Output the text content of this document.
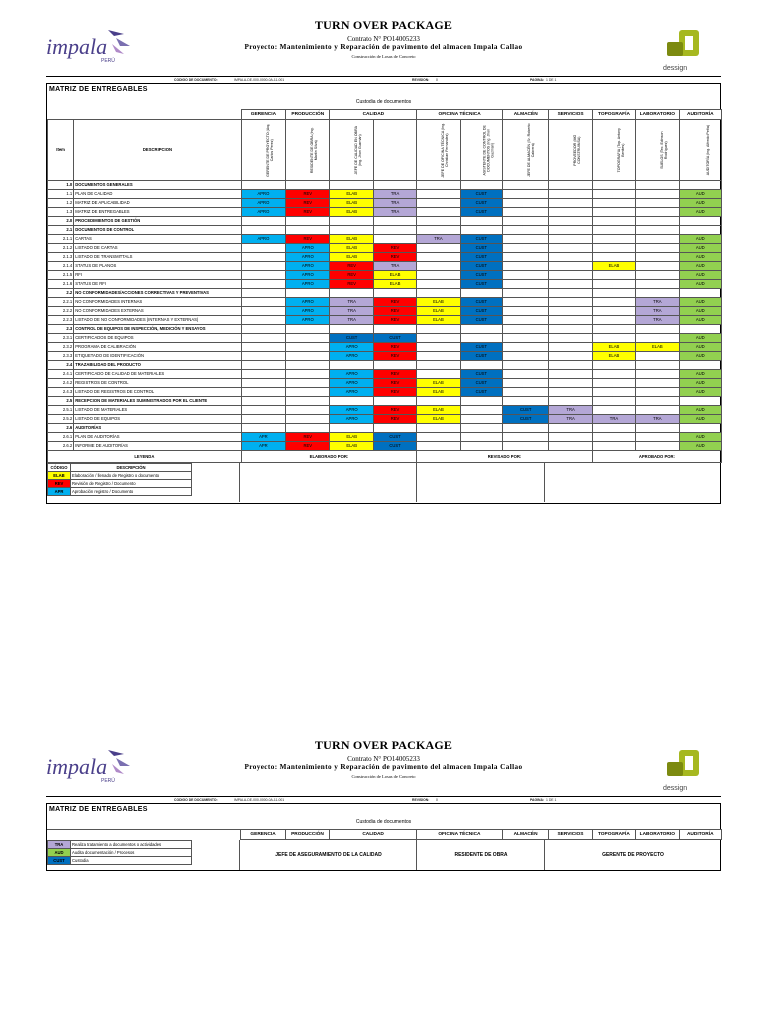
impala
PERÚ
TURN OVER PACKAGE
Contrato N° PO14005233
Proyecto: Mantenimiento y Reparación de pavimento del almacen Impala Callao
Construcción de Losas de Concreto
dessign
CODIGO DE DOCUMENTO:	IMPALA-DE-000-0000-0A-11-001	REVISION: 0	PAGINA: 1 DE 1
MATRIZ DE ENTREGABLES
Custodia de documentos
		GERENCIA	PRODUCCIÓN	CALIDAD		OFICINA TÉCNICA		ALMACÉN	SERVICIOS	TOPOGRAFÍA	LABORATORIO	AUDITORÍA
Item	DESCRIPCION	GERENTE DE PROYECTO (Arq. Carlos Perez)	RESIDENTE DE OBRA (Ing. Martin Silva)	JEFE DE CALIDAD EN OBRA (Ing. Jhon Guzmán)		JEFE DE OFICINA TÉCNICA (Ing. Christian Fernandez)	ASISTENTE DE CONTROL DE DOCUMENTOS (Ing. Jhon Guzmán)	JEFE DE ALMACÉN (Sr. Roberto Cabrera)	PROVEEDOR (MG CONSTRUINSA)	TOPOGRAFIA (Top. Antony Benites)	SUELOS (Tec. Edinson Rodríguez)	AUDITORÍA (Ing. Alfredo Peña)

1.0	DOCUMENTOS GENERALES											
1.1	PLAN DE CALIDAD	APRO	REV	ELAB	TRA		CUST					AUD
1.2	MATRIZ DE APLICABILIDAD	APRO	REV	ELAB	TRA		CUST					AUD
1.3	MATRIZ DE ENTREGABLES	APRO	REV	ELAB	TRA		CUST					AUD
2.0	PROCEDIMIENTOS DE GESTIÓN											
2.1	DOCUMENTOS DE CONTROL											
2.1.1	CARTAS	APRO	REV	ELAB		TRA	CUST					AUD
2.1.2	LISTADO DE CARTAS		APRO	ELAB	REV		CUST					AUD
2.1.3	LISTADO DE TRANSMITTALS		APRO	ELAB	REV		CUST					AUD
2.1.4	STATUS DE PLANOS		APRO	REV	TRA		CUST			ELAB		AUD
2.1.5	RFI		APRO	REV	ELAB		CUST					AUD
2.1.6	STATUS DE RFI		APRO	REV	ELAB		CUST					AUD
2.2	NO CONFORMIDADES/ACCIONES CORRECTIVAS Y PREVENTIVAS											
2.2.1	NO CONFORMIDADES INTERNAS		APRO	TRA	REV	ELAB	CUST				TRA	AUD
2.2.2	NO CONFORMIDADES EXTERNAS		APRO	TRA	REV	ELAB	CUST				TRA	AUD
2.2.3	LISTADO DE NO CONFORMIDADES (INTERNAS Y EXTERNAS)		APRO	TRA	REV	ELAB	CUST				TRA	AUD
2.3	CONTROL DE EQUIPOS DE INSPECCIÓN, MEDICIÓN Y ENSAYOS											
2.3.1	CERTIFICADOS DE EQUIPOS			CUST	CUST							AUD
2.3.2	PROGRAMA DE CALIBRACIÓN			APRO	REV		CUST			ELAB	ELAB	AUD
2.3.3	ETIQUETADO DE IDENTIFICACIÓN			APRO	REV		CUST			ELAB		AUD
2.4	TRAZABILIDAD DEL PRODUCTO											
2.4.1	CERTIFICADO DE CALIDAD DE MATERIALES			APRO	REV		CUST					AUD
2.4.2	REGISTROS DE CONTROL			APRO	REV	ELAB	CUST					AUD
2.4.3	LISTADO DE REGISTROS DE CONTROL			APRO	REV	ELAB	CUST					AUD
2.5	RECEPCION DE MATERIALES SUMINISTRADOS POR EL CLIENTE											
2.5.1	LISTADO DE MATERIALES			APRO	REV	ELAB		CUST	TRA			AUD
2.5.2	LISTADO DE EQUIPOS			APRO	REV	ELAB		CUST	TRA	TRA	TRA	AUD
2.6	AUDITORÍAS											
2.6.1	PLAN DE AUDITORÍAS	APR	REV	ELAB	CUST							AUD
2.6.2	INFORME DE AUDITORÍAS	APR	REV	ELAB	CUST							AUD
LEYENDA		ELABORADO POR:				REVISADO POR:				APROBADO POR:		
CÓDIGO	DESCRIPCIÓN
ELAB	Elaboración / llenado de Registro o documento
REV	Revisión de Registro / Documento
APR	Aprobación registro / Documento
impala
PERÚ
TURN OVER PACKAGE
Contrato N° PO14005233
Proyecto: Mantenimiento y Reparación de pavimento del almacen Impala Callao
Construcción de Losas de Concreto
dessign
CODIGO DE DOCUMENTO:	IMPALA-DE-000-0000-0A-11-001	REVISION: 0	PAGINA: 1 DE 1
MATRIZ DE ENTREGABLES
Custodia de documentos
	GERENCIA	PRODUCCIÓN	CALIDAD	OFICINA TÉCNICA	ALMACÉN	SERVICIOS	TOPOGRAFÍA	LABORATORIO	AUDITORÍA
TRA	Realiza tratamiento a documentos o actividades
AUD	Audita documentación / Procesos
CUST	Custodia
JEFE DE ASEGURAMIENTO DE LA CALIDAD	RESIDENTE DE OBRA	GERENTE DE PROYECTO
